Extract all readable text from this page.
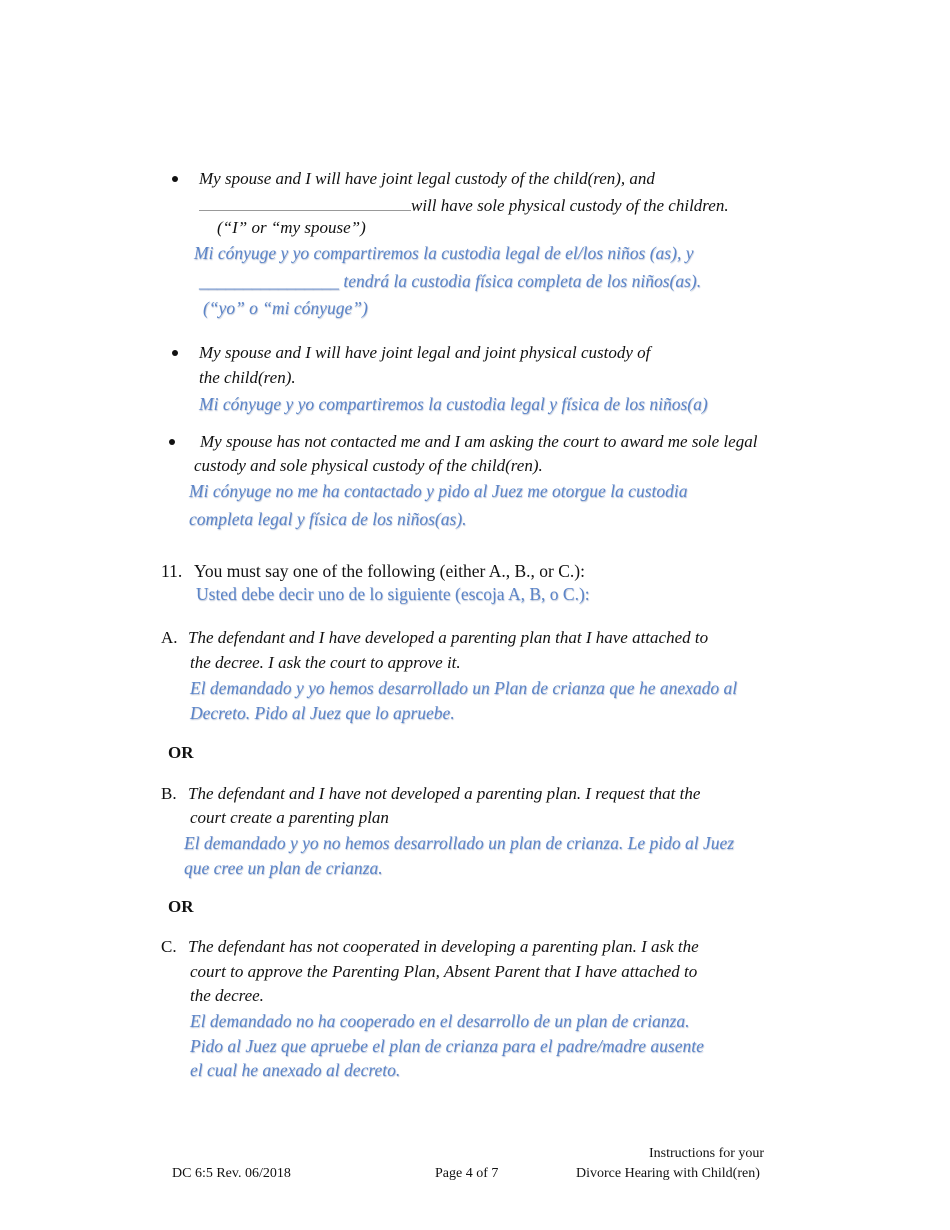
My spouse and I will have joint legal custody of the child(ren), and
will have sole physical custody of the children.
(“I” or “my spouse”)
Mi cónyuge y yo compartiremos la custodia legal de el/los niños (as), y
________________ tendrá la custodia física completa de los niños(as).
(“yo” o “mi cónyuge”)
My spouse and I will have joint legal and joint physical custody of
the child(ren).
Mi cónyuge y yo compartiremos la custodia legal y física de los niños(a)
My spouse has not contacted me and I am asking the court to award me sole legal
custody and sole physical custody of the child(ren).
Mi cónyuge no me ha contactado y pido al Juez me otorgue la custodia
completa legal y física de los niños(as).
11. You must say one of the following (either A., B., or C.):
Usted debe decir uno de lo siguiente (escoja A, B, o C.):
A. The defendant and I have developed a parenting plan that I have attached to
the decree. I ask the court to approve it.
El demandado y yo hemos desarrollado un Plan de crianza que he anexado al
Decreto. Pido al Juez que lo apruebe.
OR
B. The defendant and I have not developed a parenting plan. I request that the
court create a parenting plan
El demandado y yo no hemos desarrollado un plan de crianza. Le pido al Juez
que cree un plan de crianza.
OR
C. The defendant has not cooperated in developing a parenting plan. I ask the
court to approve the Parenting Plan, Absent Parent that I have attached to
the decree.
El demandado no ha cooperado en el desarrollo de un plan de crianza.
Pido al Juez que apruebe el plan de crianza para el padre/madre ausente
el cual he anexado al decreto.
Instructions for your
DC 6:5 Rev. 06/2018	Page 4 of 7	Divorce Hearing with Child(ren)
